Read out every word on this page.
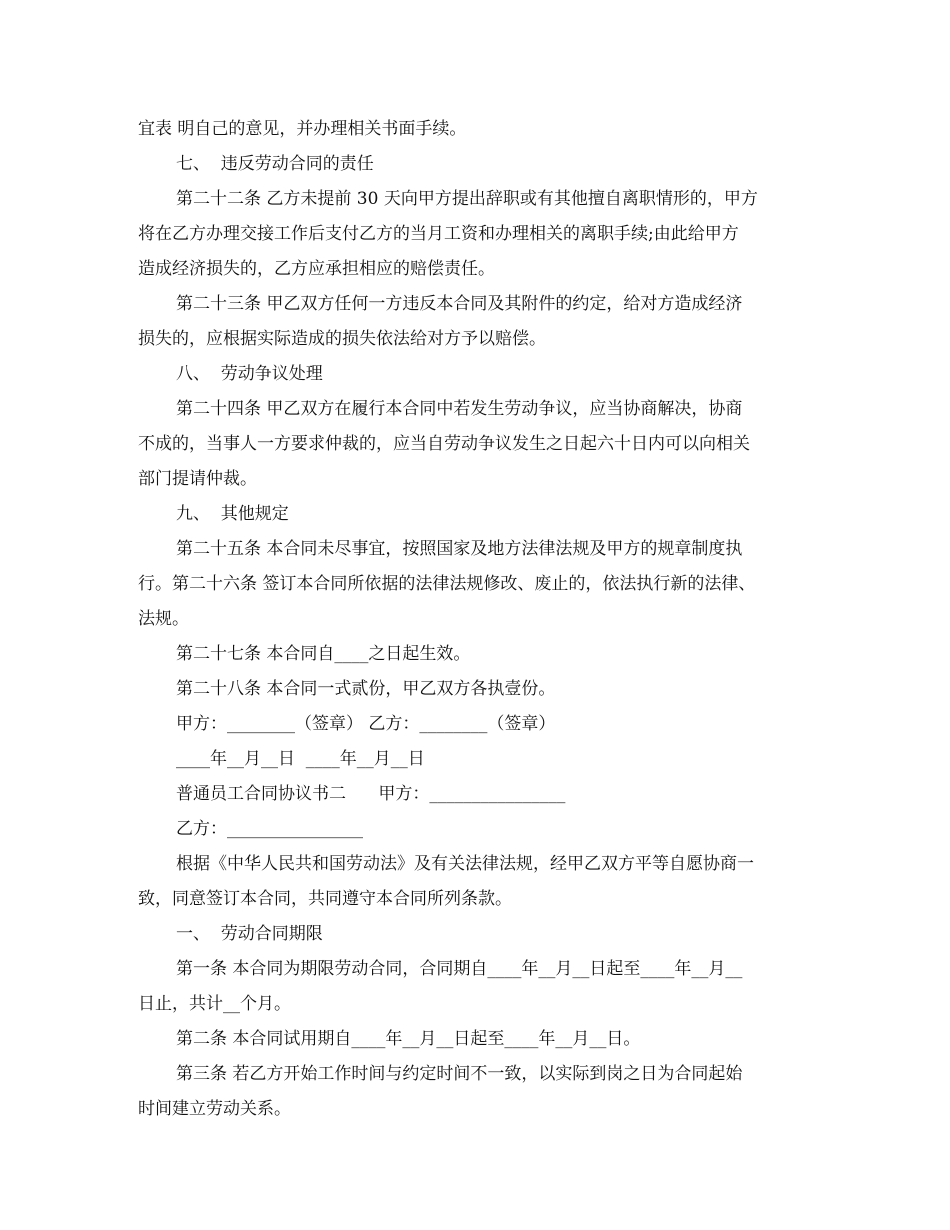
宜表 明自己的意见，并办理相关书面手续。
七、  违反劳动合同的责任
第二十二条 乙方未提前 30 天向甲方提出辞职或有其他擅自离职情形的，甲方
将在乙方办理交接工作后支付乙方的当月工资和办理相关的离职手续;由此给甲方
造成经济损失的，乙方应承担相应的赔偿责任。
第二十三条 甲乙双方任何一方违反本合同及其附件的约定，给对方造成经济
损失的，应根据实际造成的损失依法给对方予以赔偿。
八、  劳动争议处理
第二十四条 甲乙双方在履行本合同中若发生劳动争议，应当协商解决，协商
不成的，当事人一方要求仲裁的，应当自劳动争议发生之日起六十日内可以向相关
部门提请仲裁。
九、  其他规定
第二十五条 本合同未尽事宜，按照国家及地方法律法规及甲方的规章制度执
行。第二十六条 签订本合同所依据的法律法规修改、废止的，依法执行新的法律、
法规。
第二十七条 本合同自____之日起生效。
第二十八条 本合同一式贰份，甲乙双方各执壹份。
甲方：________（签章） 乙方：________（签章）
____年__月__日  ____年__月__日
普通员工合同协议书二      甲方：________________
乙方：________________
根据《中华人民共和国劳动法》及有关法律法规，经甲乙双方平等自愿协商一
致，同意签订本合同，共同遵守本合同所列条款。
一、  劳动合同期限
第一条 本合同为期限劳动合同，合同期自____年__月__日起至____年__月__
日止，共计__个月。
第二条 本合同试用期自____年__月__日起至____年__月__日。
第三条 若乙方开始工作时间与约定时间不一致，以实际到岗之日为合同起始
时间建立劳动关系。
